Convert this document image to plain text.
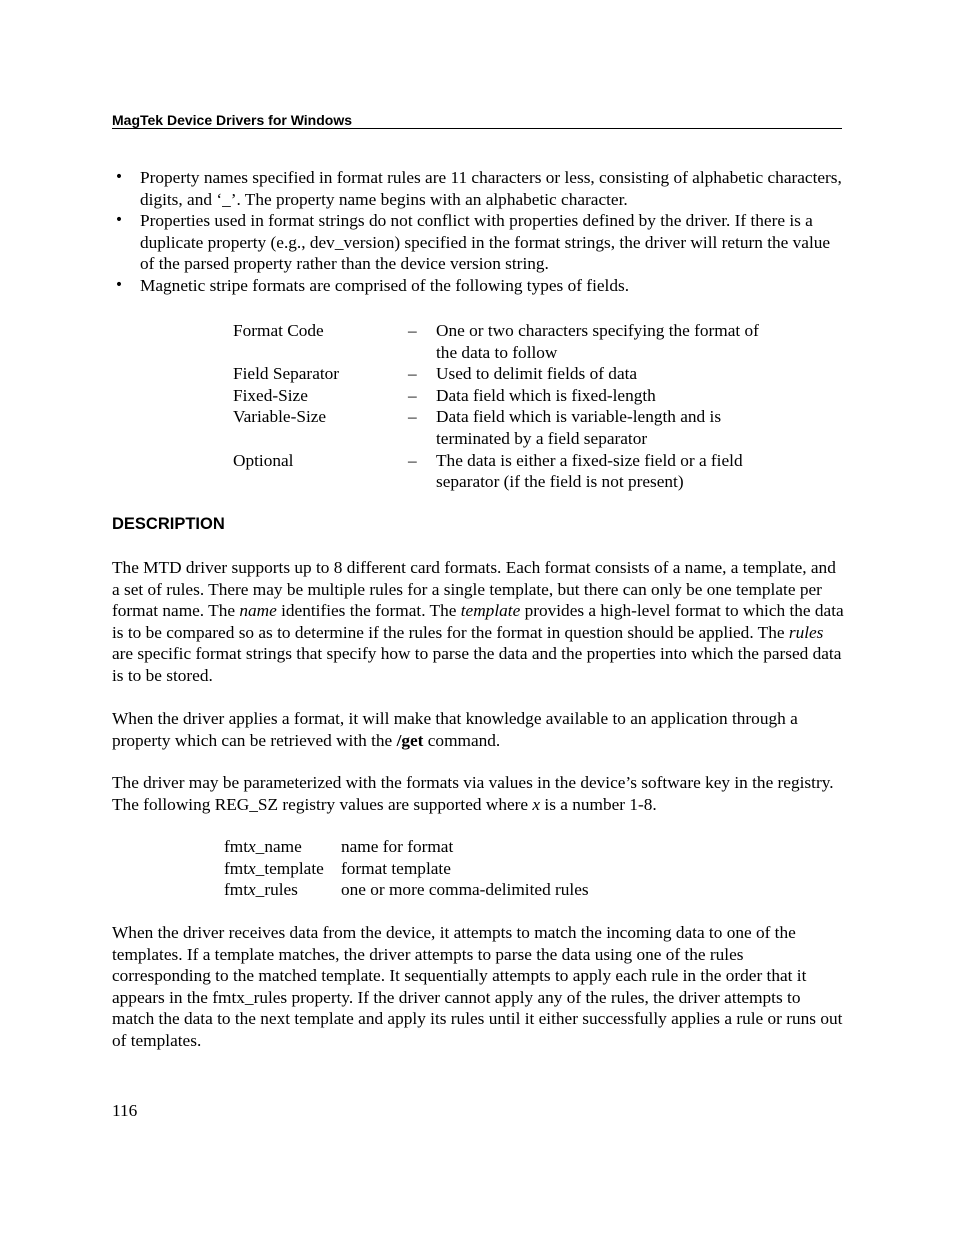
MagTek Device Drivers for Windows
• Property names specified in format rules are 11 characters or less, consisting of alphabetic characters, digits, and ‘_’. The property name begins with an alphabetic character.
• Properties used in format strings do not conflict with properties defined by the driver. If there is a duplicate property (e.g., dev_version) specified in the format strings, the driver will return the value of the parsed property rather than the device version string.
• Magnetic stripe formats are comprised of the following types of fields.
Format Code	–	One or two characters specifying the format of the data to follow
Field Separator	–	Used to delimit fields of data
Fixed-Size	–	Data field which is fixed-length
Variable-Size	–	Data field which is variable-length and is terminated by a field separator
Optional	–	The data is either a fixed-size field or a field separator (if the field is not present)
DESCRIPTION

The MTD driver supports up to 8 different card formats. Each format consists of a name, a template, and a set of rules. There may be multiple rules for a single template, but there can only be one template per format name. The name identifies the format. The template provides a high-level format to which the data is to be compared so as to determine if the rules for the format in question should be applied. The rules are specific format strings that specify how to parse the data and the properties into which the parsed data is to be stored.

When the driver applies a format, it will make that knowledge available to an application through a property which can be retrieved with the /get command.

The driver may be parameterized with the formats via values in the device’s software key in the registry. The following REG_SZ registry values are supported where x is a number 1-8.

fmtx_name	name for format
fmtx_template format template
fmtx_rules	one or more comma-delimited rules

When the driver receives data from the device, it attempts to match the incoming data to one of the templates. If a template matches, the driver attempts to parse the data using one of the rules corresponding to the matched template. It sequentially attempts to apply each rule in the order that it appears in the fmtx_rules property. If the driver cannot apply any of the rules, the driver attempts to match the data to the next template and apply its rules until it either successfully applies a rule or runs out of templates.

116
